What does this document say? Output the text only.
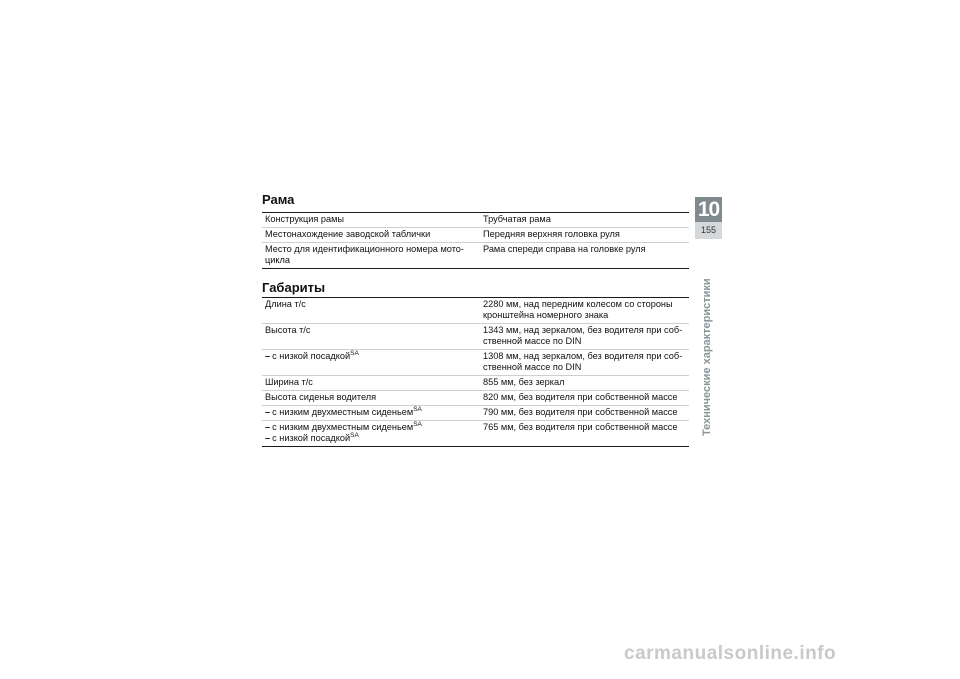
Рама
Конструкция рамы	Трубчатая рама
Местонахождение заводской таблички	Передняя верхняя головка руля
Место для идентификационного номера мото-цикла	Рама спереди справа на головке руля
Габариты
Длина т/с	2280 мм, над передним колесом со стороны кронштейна номерного знака
Высота т/с	1343 мм, над зеркалом, без водителя при соб-ственной массе по DIN
– с низкой посадкой$^{SA}$	1308 мм, над зеркалом, без водителя при соб-ственной массе по DIN
Ширина т/с	855 мм, без зеркал
Высота сиденья водителя	820 мм, без водителя при собственной массе
– с низким двухместным сиденьем$^{SA}$	790 мм, без водителя при собственной массе

– с низким двухместным сиденьем$^{SA}$
– с низкой посадкой$^{SA}$	765 мм, без водителя при собственной массе
10
155
Технические характеристики
carmanualsonline.info
